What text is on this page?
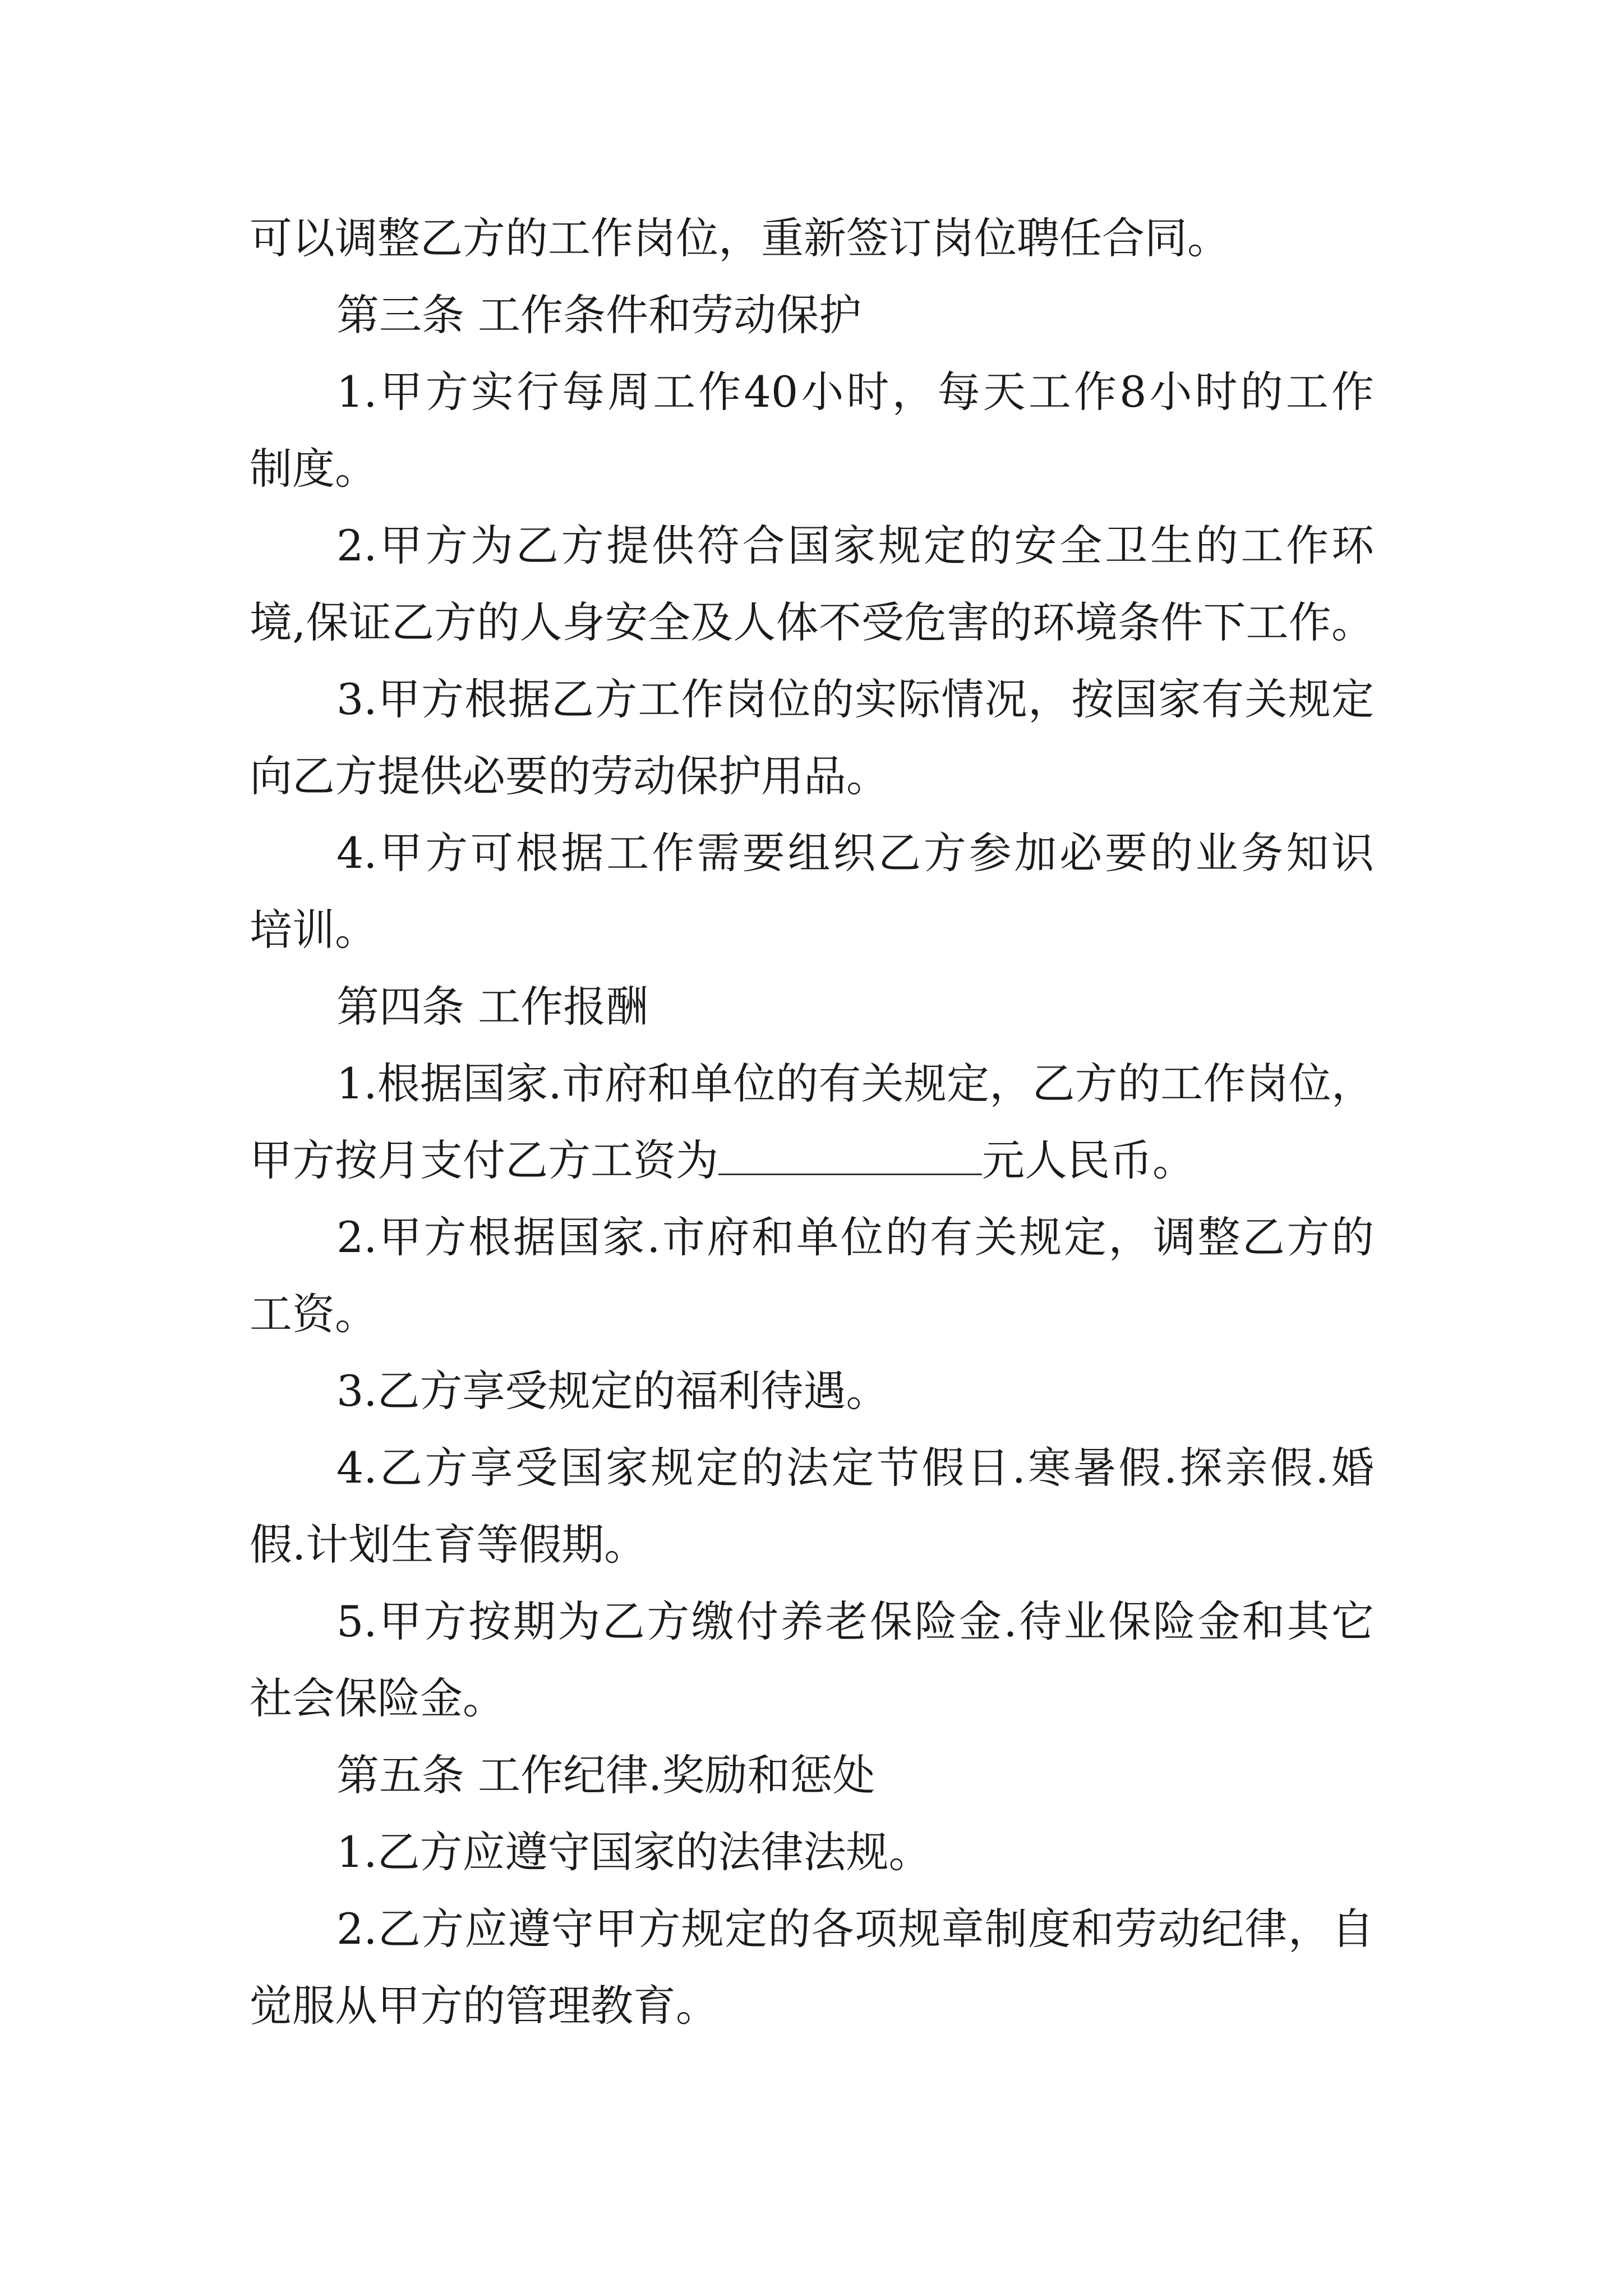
可以调整乙方的工作岗位，重新签订岗位聘任合同。
第三条 工作条件和劳动保护
1.甲方实行每周工作40小时，每天工作8小时的工作
制度。
2.甲方为乙方提供符合国家规定的安全卫生的工作环
境,保证乙方的人身安全及人体不受危害的环境条件下工作。
3.甲方根据乙方工作岗位的实际情况，按国家有关规定
向乙方提供必要的劳动保护用品。
4.甲方可根据工作需要组织乙方参加必要的业务知识
培训。
第四条 工作报酬
1.根据国家.市府和单位的有关规定，乙方的工作岗位，
甲方按月支付乙方工资为	元人民币。
2.甲方根据国家.市府和单位的有关规定，调整乙方的
工资。
3.乙方享受规定的福利待遇。
4.乙方享受国家规定的法定节假日.寒暑假.探亲假.婚
假.计划生育等假期。
5.甲方按期为乙方缴付养老保险金.待业保险金和其它
社会保险金。
第五条 工作纪律.奖励和惩处
1.乙方应遵守国家的法律法规。
2.乙方应遵守甲方规定的各项规章制度和劳动纪律，自
觉服从甲方的管理教育。
